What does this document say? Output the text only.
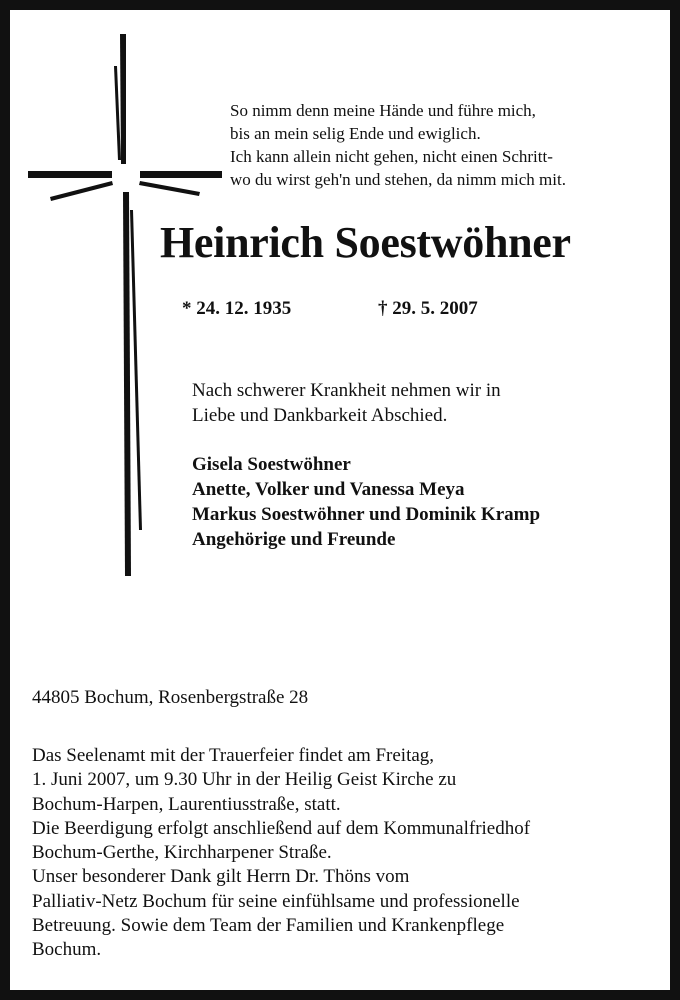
So nimm denn meine Hände und führe mich,
bis an mein selig Ende und ewiglich.
Ich kann allein nicht gehen, nicht einen Schritt-
wo du wirst geh'n und stehen, da nimm mich mit.
Heinrich Soestwöhner
* 24. 12. 1935	† 29. 5. 2007
Nach schwerer Krankheit nehmen wir in
Liebe und Dankbarkeit Abschied.
Gisela Soestwöhner
Anette, Volker und Vanessa Meya
Markus Soestwöhner und Dominik Kramp
Angehörige und Freunde
44805 Bochum, Rosenbergstraße 28
Das Seelenamt mit der Trauerfeier findet am Freitag,
1. Juni 2007, um 9.30 Uhr in der Heilig Geist Kirche zu
Bochum-Harpen, Laurentiusstraße, statt.
Die Beerdigung erfolgt anschließend auf dem Kommunalfriedhof
Bochum-Gerthe, Kirchharpener Straße.
Unser besonderer Dank gilt Herrn Dr. Thöns vom
Palliativ-Netz Bochum für seine einfühlsame und professionelle
Betreuung. Sowie dem Team der Familien und Krankenpflege
Bochum.
